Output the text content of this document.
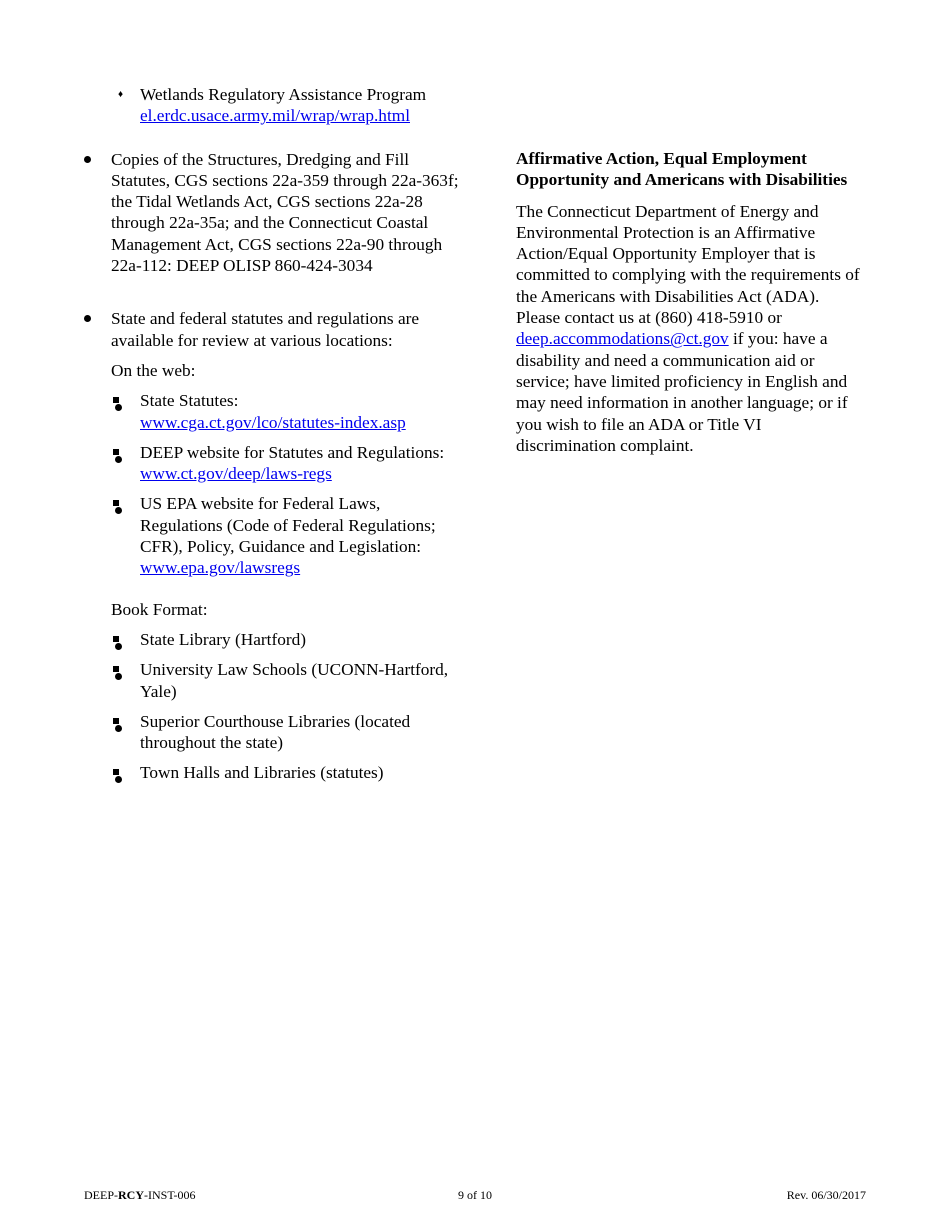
♦ Wetlands Regulatory Assistance Program

el.erdc.usace.army.mil/wrap/wrap.html

Copies of the Structures, Dredging and Fill Statutes, CGS sections 22a-359 through 22a-363f; the Tidal Wetlands Act, CGS sections 22a-28 through 22a-35a; and the Connecticut Coastal Management Act, CGS sections 22a-90 through 22a-112: DEEP OLISP 860-424-3034

State and federal statutes and regulations are available for review at various locations:

On the web:

State Statutes:
www.cga.ct.gov/lco/statutes-index.asp
DEEP website for Statutes and Regulations: www.ct.gov/deep/laws-regs
US EPA website for Federal Laws, Regulations (Code of Federal Regulations; CFR), Policy, Guidance and Legislation:
www.epa.gov/lawsregs

Book Format:

State Library (Hartford)
University Law Schools (UCONN-Hartford, Yale)
Superior Courthouse Libraries (located throughout the state)
Town Halls and Libraries (statutes)

Affirmative Action, Equal Employment Opportunity and Americans with Disabilities

The Connecticut Department of Energy and Environmental Protection is an Affirmative Action/Equal Opportunity Employer that is committed to complying with the requirements of the Americans with Disabilities Act (ADA). Please contact us at (860) 418-5910 or deep.accommodations@ct.gov if you: have a disability and need a communication aid or service; have limited proficiency in English and may need information in another language; or if you wish to file an ADA or Title VI discrimination complaint.

DEEP-RCY-INST-006	9 of 10	Rev. 06/30/2017
